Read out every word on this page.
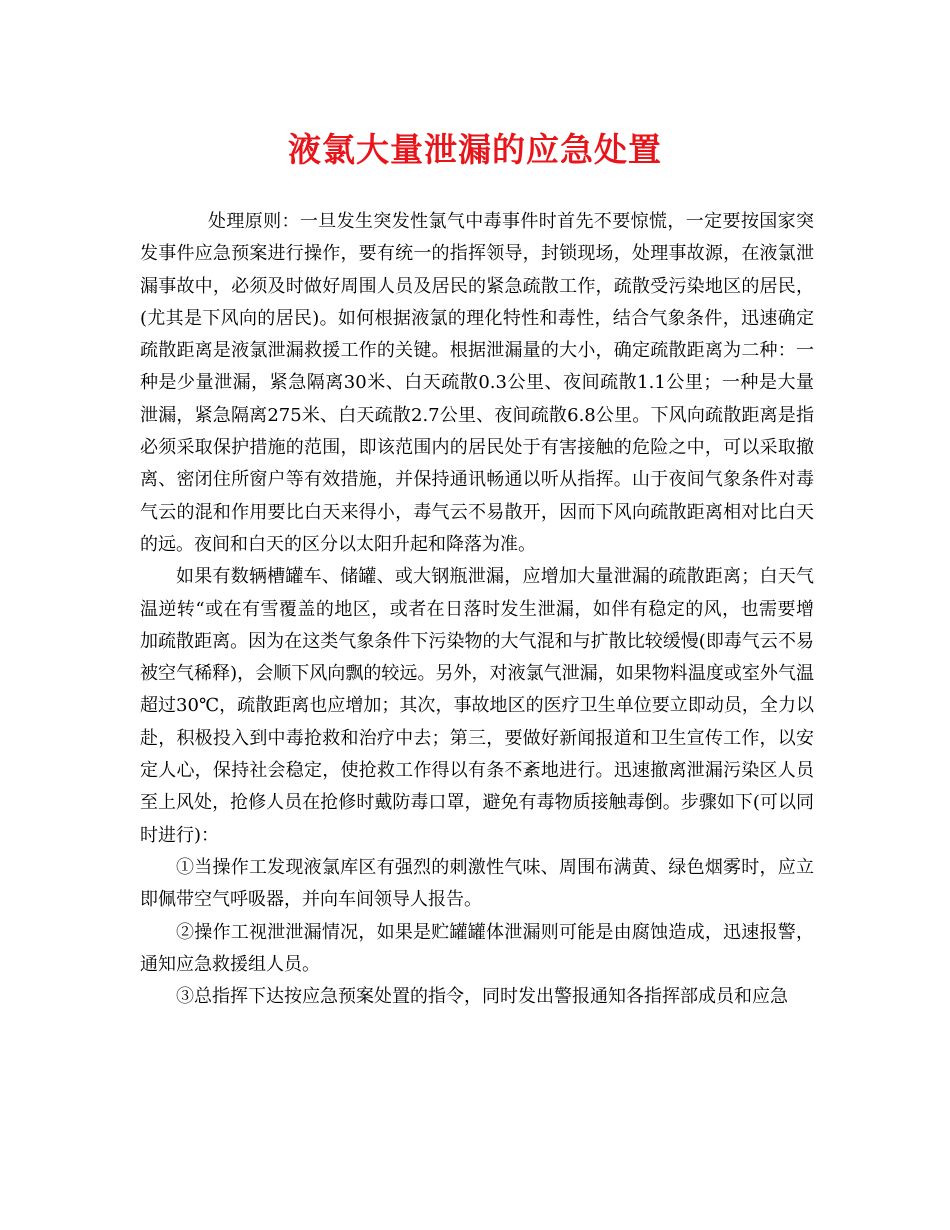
液氯大量泄漏的应急处置

处理原则：一旦发生突发性氯气中毒事件时首先不要惊慌，一定要按国家突发事件应急预案进行操作，要有统一的指挥领导，封锁现场，处理事故源，在液氯泄漏事故中，必须及时做好周围人员及居民的紧急疏散工作，疏散受污染地区的居民，(尤其是下风向的居民)。如何根据液氯的理化特性和毒性，结合气象条件，迅速确定疏散距离是液氯泄漏救援工作的关键。根据泄漏量的大小，确定疏散距离为二种：一种是少量泄漏，紧急隔离30米、白天疏散0.3公里、夜间疏散1.1公里；一种是大量泄漏，紧急隔离275米、白天疏散2.7公里、夜间疏散6.8公里。下风向疏散距离是指必须采取保护措施的范围，即该范围内的居民处于有害接触的危险之中，可以采取撤离、密闭住所窗户等有效措施，并保持通讯畅通以听从指挥。山于夜间气象条件对毒气云的混和作用要比白天来得小，毒气云不易散开，因而下风向疏散距离相对比白天的远。夜间和白天的区分以太阳升起和降落为准。

如果有数辆槽罐车、储罐、或大钢瓶泄漏，应增加大量泄漏的疏散距离；白天气温逆转“或在有雪覆盖的地区，或者在日落时发生泄漏，如伴有稳定的风，也需要增加疏散距离。因为在这类气象条件下污染物的大气混和与扩散比较缓慢(即毒气云不易被空气稀释)，会顺下风向飘的较远。另外，对液氯气泄漏，如果物料温度或室外气温超过30℃，疏散距离也应增加；其次，事故地区的医疗卫生单位要立即动员，全力以赴，积极投入到中毒抢救和治疗中去；第三，要做好新闻报道和卫生宣传工作，以安定人心，保持社会稳定，使抢救工作得以有条不紊地进行。迅速撤离泄漏污染区人员至上风处，抢修人员在抢修时戴防毒口罩，避免有毒物质接触毒倒。步骤如下(可以同时进行)：

①当操作工发现液氯库区有强烈的刺激性气味、周围布满黄、绿色烟雾时，应立即佩带空气呼吸器，并向车间领导人报告。

②操作工视泄泄漏情况，如果是贮罐罐体泄漏则可能是由腐蚀造成，迅速报警，通知应急救援组人员。

③总指挥下达按应急预案处置的指令，同时发出警报通知各指挥部成员和应急
